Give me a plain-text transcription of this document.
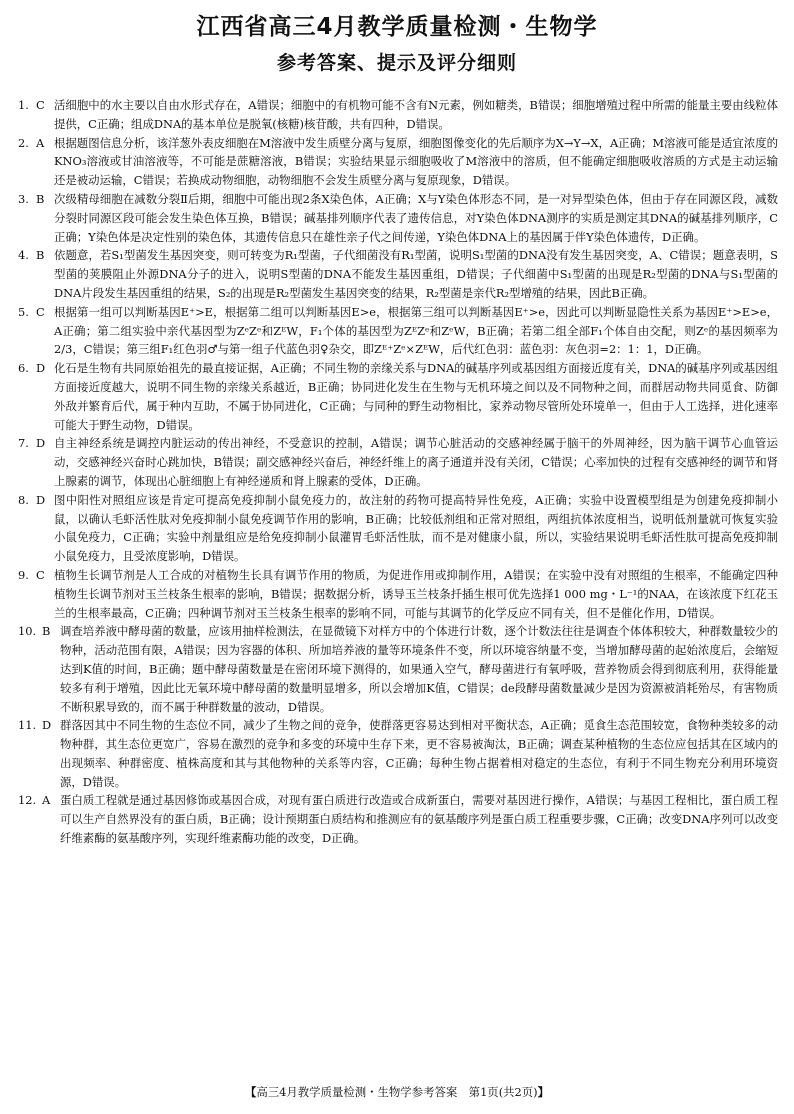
江西省高三4月教学质量检测・生物学
参考答案、提示及评分细则
1. C 活细胞中的水主要以自由水形式存在，A错误；细胞中的有机物可能不含有N元素，例如糖类，B错误；细胞增殖过程中所需的能量主要由线粒体提供，C正确；组成DNA的基本单位是脱氧(核糖)核苷酸，共有四种，D错误。
2. A 根据题图信息分析，该洋葱外表皮细胞在M溶液中发生质壁分离与复原，细胞图像变化的先后顺序为X→Y→X，A正确；M溶液可能是适宜浓度的KNO₃溶液或甘油溶液等，不可能是蔗糖溶液，B错误；实验结果显示细胞吸收了M溶液中的溶质，但不能确定细胞吸收溶质的方式是主动运输还是被动运输，C错误；若换成动物细胞，动物细胞不会发生质壁分离与复原现象，D错误。
3. B 次级精母细胞在减数分裂Ⅱ后期，细胞中可能出现2条X染色体，A正确；X与Y染色体形态不同，是一对异型染色体，但由于存在同源区段，减数分裂时同源区段可能会发生染色体互换，B错误；碱基排列顺序代表了遗传信息，对Y染色体DNA测序的实质是测定其DNA的碱基排列顺序，C正确；Y染色体是决定性别的染色体，其遗传信息只在雄性亲子代之间传递，Y染色体DNA上的基因属于伴Y染色体遗传，D正确。
4. B 依题意，若S₁型菌发生基因突变，则可转变为R₁型菌，子代细菌没有R₁型菌，说明S₁型菌的DNA没有发生基因突变，A、C错误；题意表明，S型菌的荚膜阻止外源DNA分子的进入，说明S型菌的DNA不能发生基因重组，D错误；子代细菌中S₁型菌的出现是R₂型菌的DNA与S₁型菌的DNA片段发生基因重组的结果，S₂的出现是R₂型菌发生基因突变的结果，R₂型菌是亲代R₂型增殖的结果，因此B正确。
5. C 根据第一组可以判断基因E⁺>E，根据第二组可以判断基因E>e，根据第三组可以判断基因E⁺>e，因此可以判断显隐性关系为基因E⁺>E>e，A正确；第二组实验中亲代基因型为ZᵉZᵉ和ZᴱW，F₁个体的基因型为ZᴱZᵉ和ZᵉW，B正确；若第二组全部F₁个体自由交配，则Zᵉ的基因频率为2/3，C错误；第三组F₁红色羽♂与第一组子代蓝色羽♀杂交，即Zᴱ⁺Zᵉ×ZᴱW，后代红色羽：蓝色羽：灰色羽=2：1：1，D正确。
6. D 化石是生物有共同原始祖先的最直接证据，A正确；不同生物的亲缘关系与DNA的碱基序列或基因组方面接近度有关，DNA的碱基序列或基因组方面接近度越大，说明不同生物的亲缘关系越近，B正确；协同进化发生在生物与无机环境之间以及不同物种之间，而群居动物共同觅食、防御外敌并繁育后代，属于种内互助，不属于协同进化，C正确；与同种的野生动物相比，家养动物尽管所处环境单一，但由于人工选择，进化速率可能大于野生动物，D错误。
7. D 自主神经系统是调控内脏运动的传出神经，不受意识的控制，A错误；调节心脏活动的交感神经属于脑干的外周神经，因为脑干调节心血管运动，交感神经兴奋时心跳加快，B错误；副交感神经兴奋后，神经纤维上的离子通道并没有关闭，C错误；心率加快的过程有交感神经的调节和肾上腺素的调节，体现出心脏细胞上有神经递质和肾上腺素的受体，D正确。
8. D 图中阳性对照组应该是肯定可提高免疫抑制小鼠免疫力的，故注射的药物可提高特异性免疫，A正确；实验中设置模型组是为创建免疫抑制小鼠，以确认毛虾活性肽对免疫抑制小鼠免疫调节作用的影响，B正确；比较低剂组和正常对照组，两组抗体浓度相当，说明低剂量就可恢复实验小鼠免疫力，C正确；实验中剂量组应是给免疫抑制小鼠灌胃毛虾活性肽，而不是对健康小鼠，所以，实验结果说明毛虾活性肽可提高免疫抑制小鼠免疫力，且受浓度影响，D错误。
9. C 植物生长调节剂是人工合成的对植物生长具有调节作用的物质，为促进作用或抑制作用，A错误；在实验中没有对照组的生根率，不能确定四种植物生长调节剂对玉兰枝条生根率的影响，B错误；据数据分析，诱导玉兰枝条扦插生根可优先选择1 000 mg・L⁻¹的NAA，在该浓度下红花玉兰的生根率最高，C正确；四种调节剂对玉兰枝条生根率的影响不同，可能与其调节的化学反应不同有关，但不是催化作用，D错误。
10. B 调查培养液中酵母菌的数量，应该用抽样检测法，在显微镜下对样方中的个体进行计数，逐个计数法往往是调查个体体积较大，种群数量较少的物种，活动范围有限，A错误；因为容器的体积、所加培养液的量等环境条件不变，所以环境容纳量不变，当增加酵母菌的起始浓度后，会缩短达到K值的时间，B正确；题中酵母菌数量是在密闭环境下测得的，如果通入空气，酵母菌进行有氧呼吸，营养物质会得到彻底利用，获得能量较多有利于增殖，因此比无氧环境中酵母菌的数量明显增多，所以会增加K值，C错误；de段酵母菌数量减少是因为资源被消耗殆尽，有害物质不断积累导致的，而不属于种群数量的波动，D错误。
11. D 群落因其中不同生物的生态位不同，减少了生物之间的竞争，使群落更容易达到相对平衡状态，A正确；觅食生态范围较宽，食物种类较多的动物种群，其生态位更宽广，容易在激烈的竞争和多变的环境中生存下来，更不容易被淘汰，B正确；调查某种植物的生态位应包括其在区域内的出现频率、种群密度、植株高度和其与其他物种的关系等内容，C正确；每种生物占据着相对稳定的生态位，有利于不同生物充分利用环境资源，D错误。
12. A 蛋白质工程就是通过基因修饰或基因合成，对现有蛋白质进行改造或合成新蛋白，需要对基因进行操作，A错误；与基因工程相比，蛋白质工程可以生产自然界没有的蛋白质，B正确；设计预期蛋白质结构和推测应有的氨基酸序列是蛋白质工程重要步骤，C正确；改变DNA序列可以改变纤维素酶的氨基酸序列，实现纤维素酶功能的改变，D正确。
【高三4月教学质量检测・生物学参考答案　 第1页(共2页)】
